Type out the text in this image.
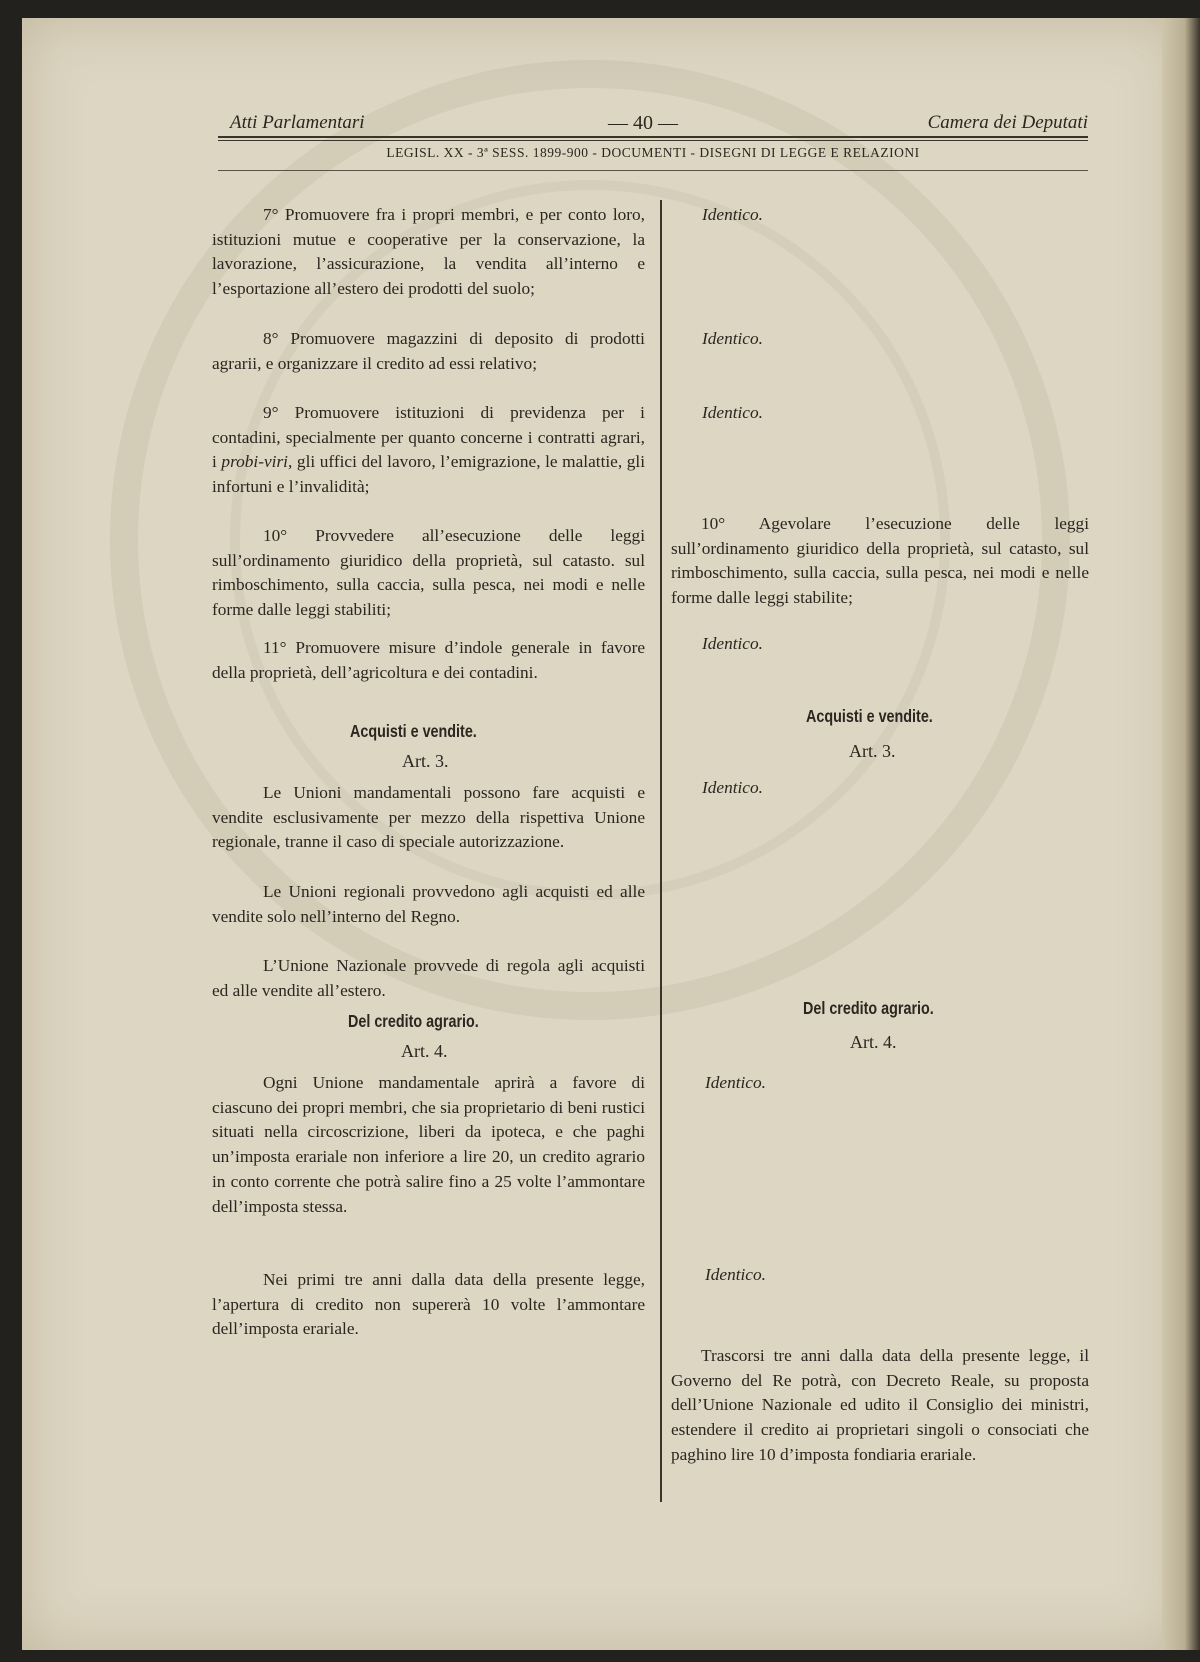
Atti Parlamentari	— 40 —	Camera dei Deputati
LEGISL. XX - 3ª SESS. 1899-900 - DOCUMENTI - DISEGNI DI LEGGE E RELAZIONI
7° Promuovere fra i propri membri, e per conto loro, istituzioni mutue e cooperative per la conservazione, la lavorazione, l’assicurazione, la vendita all’interno e l’esportazione all’estero dei prodotti del suolo;
8° Promuovere magazzini di deposito di prodotti agrarii, e organizzare il credito ad essi relativo;
9° Promuovere istituzioni di previdenza per i contadini, specialmente per quanto concerne i contratti agrari, i probi-viri, gli uffici del lavoro, l’emigrazione, le malattie, gli infortuni e l’invalidità;
10° Provvedere all’esecuzione delle leggi sull’ordinamento giuridico della proprietà, sul catasto. sul rimboschimento, sulla caccia, sulla pesca, nei modi e nelle forme dalle leggi stabiliti;
11° Promuovere misure d’indole generale in favore della proprietà, dell’agricoltura e dei contadini.
Acquisti e vendite.
Art. 3.
Le Unioni mandamentali possono fare acquisti e vendite esclusivamente per mezzo della rispettiva Unione regionale, tranne il caso di speciale autorizzazione.
Le Unioni regionali provvedono agli acquisti ed alle vendite solo nell’interno del Regno.
L’Unione Nazionale provvede di regola agli acquisti ed alle vendite all’estero.
Del credito agrario.
Art. 4.
Ogni Unione mandamentale aprirà a favore di ciascuno dei propri membri, che sia proprietario di beni rustici situati nella circoscrizione, liberi da ipoteca, e che paghi un’imposta erariale non inferiore a lire 20, un credito agrario in conto corrente che potrà salire fino a 25 volte l’ammontare dell’imposta stessa.
Nei primi tre anni dalla data della presente legge, l’apertura di credito non supererà 10 volte l’ammontare dell’imposta erariale.
Identico.
Identico.
Identico.
10° Agevolare l’esecuzione delle leggi sull’ordinamento giuridico della proprietà, sul catasto, sul rimboschimento, sulla caccia, sulla pesca, nei modi e nelle forme dalle leggi stabilite;
Identico.
Acquisti e vendite.
Art. 3.
Identico.
Del credito agrario.
Art. 4.
Identico.
Identico.
Trascorsi tre anni dalla data della presente legge, il Governo del Re potrà, con Decreto Reale, su proposta dell’Unione Nazionale ed udito il Consiglio dei ministri, estendere il credito ai proprietari singoli o consociati che paghino lire 10 d’imposta fondiaria erariale.
